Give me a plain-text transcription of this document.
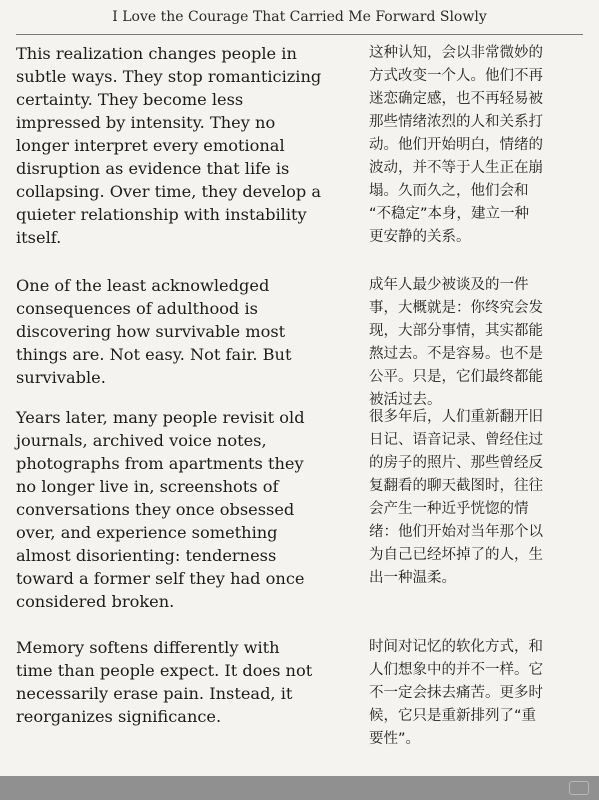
I Love the Courage That Carried Me Forward Slowly
This realization changes people in
subtle ways. They stop romanticizing
certainty. They become less
impressed by intensity. They no
longer interpret every emotional
disruption as evidence that life is
collapsing. Over time, they develop a
quieter relationship with instability
itself.
这种认知，会以非常微妙的
方式改变一个人。他们不再
迷恋确定感，也不再轻易被
那些情绪浓烈的人和关系打
动。他们开始明白，情绪的
波动，并不等于人生正在崩
塌。久而久之，他们会和
“不稳定”本身，建立一种
更安静的关系。
One of the least acknowledged
consequences of adulthood is
discovering how survivable most
things are. Not easy. Not fair. But
survivable.
成年人最少被谈及的一件
事，大概就是：你终究会发
现，大部分事情，其实都能
熬过去。不是容易。也不是
公平。只是，它们最终都能
被活过去。
Years later, many people revisit old
journals, archived voice notes,
photographs from apartments they
no longer live in, screenshots of
conversations they once obsessed
over, and experience something
almost disorienting: tenderness
toward a former self they had once
considered broken.
很多年后，人们重新翻开旧
日记、语音记录、曾经住过
的房子的照片、那些曾经反
复翻看的聊天截图时，往往
会产生一种近乎恍惚的情
绪：他们开始对当年那个以
为自己已经坏掉了的人，生
出一种温柔。
Memory softens differently with
time than people expect. It does not
necessarily erase pain. Instead, it
reorganizes significance.
时间对记忆的软化方式，和
人们想象中的并不一样。它
不一定会抹去痛苦。更多时
候，它只是重新排列了“重
要性”。
